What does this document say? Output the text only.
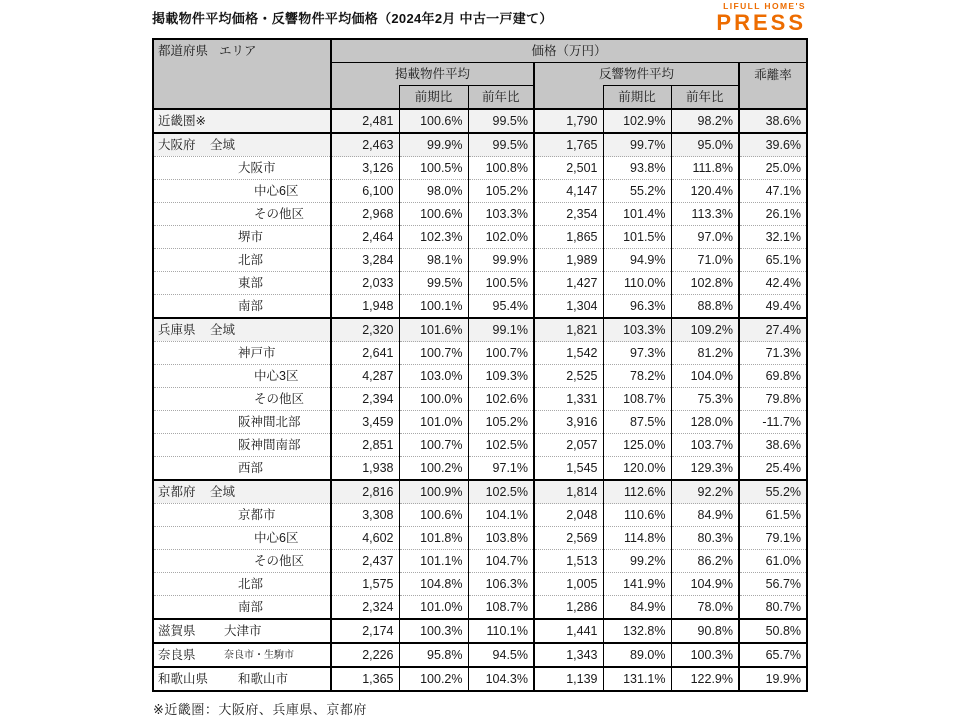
掲載物件平均価格・反響物件平均価格（2024年2月 中古一戸建て）
LIFULL HOME'S
PRESS
都道府県 エリア	価格（万円）						
	掲載物件平均			反響物件平均			乖離率
		前期比	前年比		前期比	前年比	

近畿圏※	2,481	100.6%	99.5%	1,790	102.9%	98.2%	38.6%

大阪府 全域	2,463	99.9%	99.5%	1,765	99.7%	95.0%	39.6%

大阪市	3,126	100.5%	100.8%	2,501	93.8%	111.8%	25.0%

中心6区	6,100	98.0%	105.2%	4,147	55.2%	120.4%	47.1%

その他区	2,968	100.6%	103.3%	2,354	101.4%	113.3%	26.1%

堺市	2,464	102.3%	102.0%	1,865	101.5%	97.0%	32.1%

北部	3,284	98.1%	99.9%	1,989	94.9%	71.0%	65.1%

東部	2,033	99.5%	100.5%	1,427	110.0%	102.8%	42.4%

南部	1,948	100.1%	95.4%	1,304	96.3%	88.8%	49.4%

兵庫県 全域	2,320	101.6%	99.1%	1,821	103.3%	109.2%	27.4%

神戸市	2,641	100.7%	100.7%	1,542	97.3%	81.2%	71.3%

中心3区	4,287	103.0%	109.3%	2,525	78.2%	104.0%	69.8%

その他区	2,394	100.0%	102.6%	1,331	108.7%	75.3%	79.8%

阪神間北部	3,459	101.0%	105.2%	3,916	87.5%	128.0%	-11.7%

阪神間南部	2,851	100.7%	102.5%	2,057	125.0%	103.7%	38.6%

西部	1,938	100.2%	97.1%	1,545	120.0%	129.3%	25.4%

京都府 全域	2,816	100.9%	102.5%	1,814	112.6%	92.2%	55.2%

京都市	3,308	100.6%	104.1%	2,048	110.6%	84.9%	61.5%

中心6区	4,602	101.8%	103.8%	2,569	114.8%	80.3%	79.1%

その他区	2,437	101.1%	104.7%	1,513	99.2%	86.2%	61.0%

北部	1,575	104.8%	106.3%	1,005	141.9%	104.9%	56.7%

南部	2,324	101.0%	108.7%	1,286	84.9%	78.0%	80.7%

滋賀県 大津市	2,174	100.3%	110.1%	1,441	132.8%	90.8%	50.8%

奈良県 奈良市・生駒市	2,226	95.8%	94.5%	1,343	89.0%	100.3%	65.7%

和歌山県 和歌山市	1,365	100.2%	104.3%	1,139	131.1%	122.9%	19.9%
※近畿圏：大阪府、兵庫県、京都府
